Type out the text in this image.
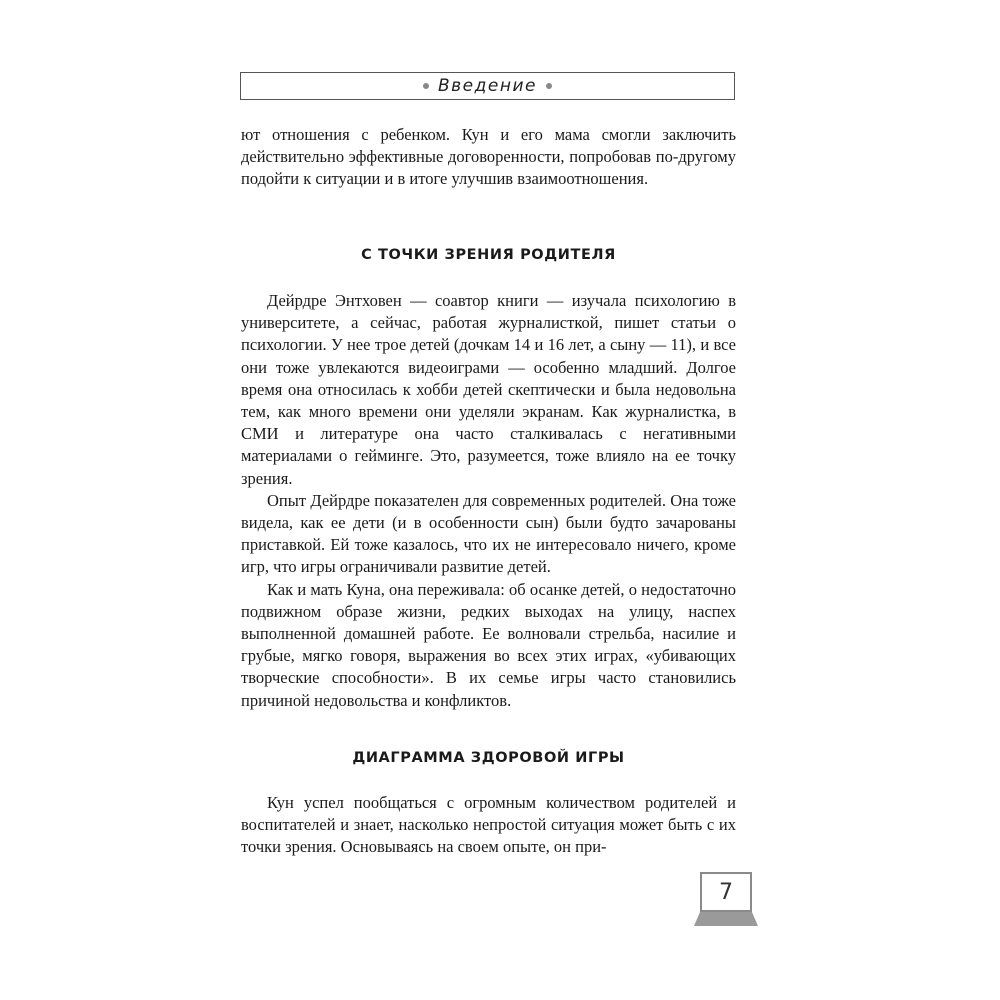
Введение

ют отношения с ребенком. Кун и его мама смогли заключить действительно эффективные договоренности, попробовав по-другому подойти к ситуации и в итоге улучшив взаимоотношения.

С ТОЧКИ ЗРЕНИЯ РОДИТЕЛЯ

Дейрдре Энтховен — соавтор книги — изучала психологию в университете, а сейчас, работая журналисткой, пишет статьи о психологии. У нее трое детей (дочкам 14 и 16 лет, а сыну — 11), и все они тоже увлекаются видеоиграми — особенно младший. Долгое время она относилась к хобби детей скептически и была недовольна тем, как много времени они уделяли экранам. Как журналистка, в СМИ и литературе она часто сталкивалась с негативными материалами о гейминге. Это, разумеется, тоже влияло на ее точку зрения.

Опыт Дейрдре показателен для современных родителей. Она тоже видела, как ее дети (и в особенности сын) были будто зачарованы приставкой. Ей тоже казалось, что их не интересовало ничего, кроме игр, что игры ограничивали развитие детей.

Как и мать Куна, она переживала: об осанке детей, о недостаточно подвижном образе жизни, редких выходах на улицу, наспех выполненной домашней работе. Ее волновали стрельба, насилие и грубые, мягко говоря, выражения во всех этих играх, «убивающих творческие способности». В их семье игры часто становились причиной недовольства и конфликтов.

ДИАГРАММА ЗДОРОВОЙ ИГРЫ

Кун успел пообщаться с огромным количеством родителей и воспитателей и знает, насколько непростой ситуация может быть с их точки зрения. Основываясь на своем опыте, он при-

7
